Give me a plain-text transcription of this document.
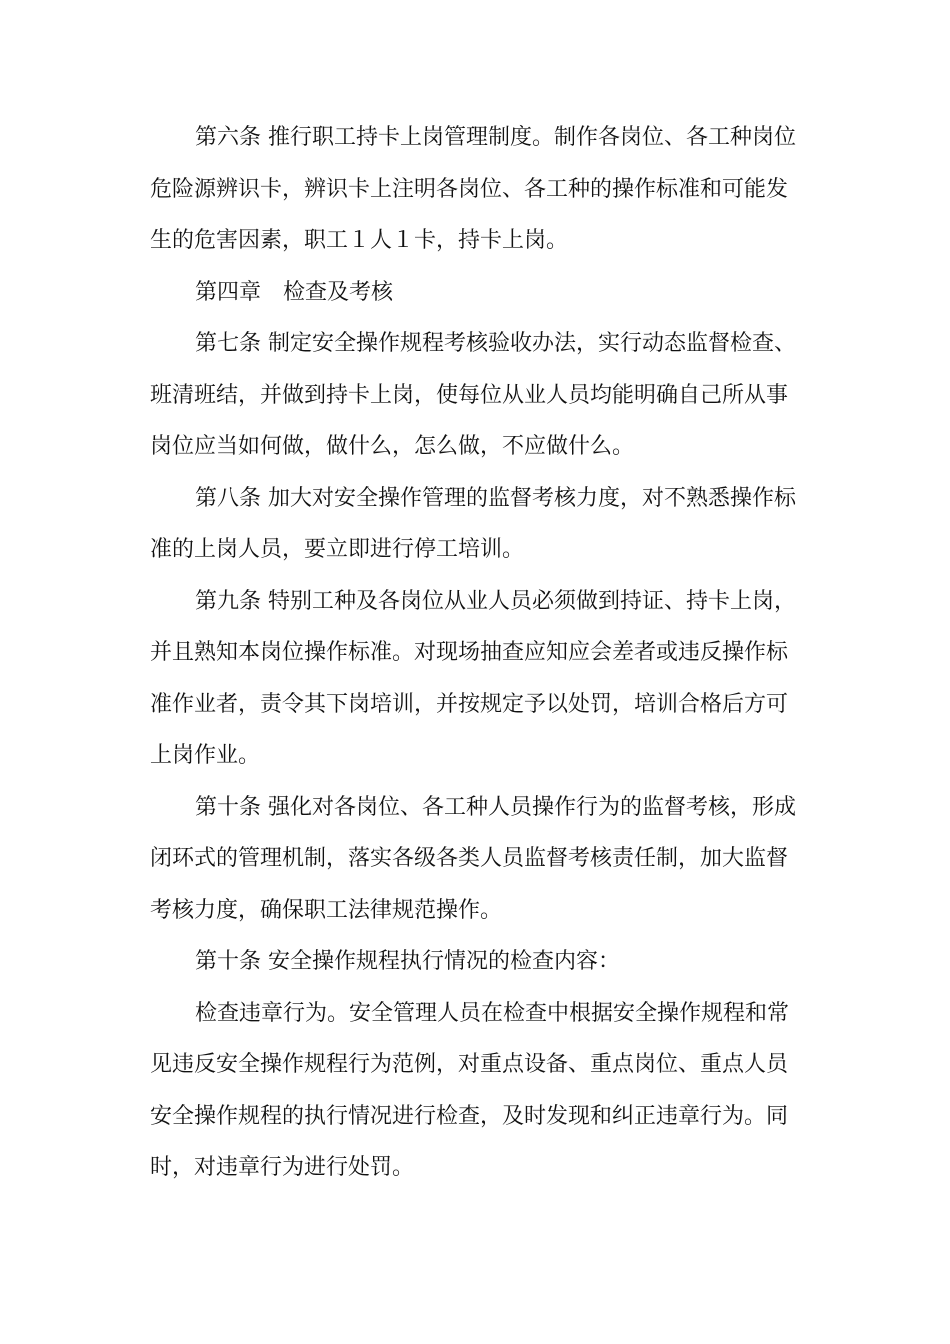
第六条 推行职工持卡上岗管理制度。制作各岗位、各工种岗位危险源辨识卡，辨识卡上注明各岗位、各工种的操作标准和可能发生的危害因素，职工１人１卡，持卡上岗。

第四章　检查及考核

第七条 制定安全操作规程考核验收办法，实行动态监督检查、班清班结，并做到持卡上岗，使每位从业人员均能明确自己所从事岗位应当如何做，做什么，怎么做，不应做什么。

第八条 加大对安全操作管理的监督考核力度，对不熟悉操作标准的上岗人员，要立即进行停工培训。

第九条 特别工种及各岗位从业人员必须做到持证、持卡上岗，并且熟知本岗位操作标准。对现场抽查应知应会差者或违反操作标准作业者，责令其下岗培训，并按规定予以处罚，培训合格后方可上岗作业。

第十条 强化对各岗位、各工种人员操作行为的监督考核，形成闭环式的管理机制，落实各级各类人员监督考核责任制，加大监督考核力度，确保职工法律规范操作。

第十条 安全操作规程执行情况的检查内容：

检查违章行为。安全管理人员在检查中根据安全操作规程和常见违反安全操作规程行为范例，对重点设备、重点岗位、重点人员安全操作规程的执行情况进行检查，及时发现和纠正违章行为。同时，对违章行为进行处罚。
